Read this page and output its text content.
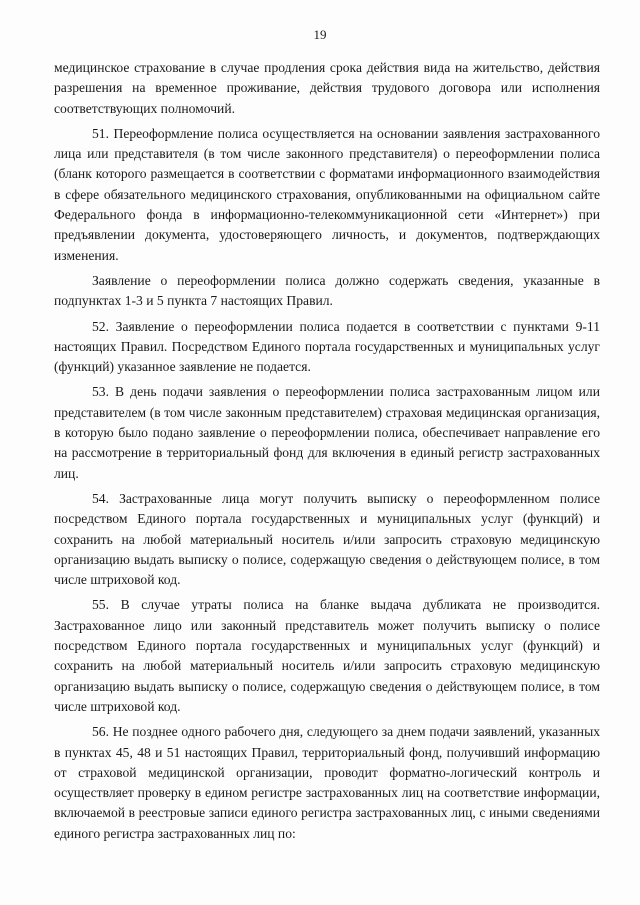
19

медицинское страхование в случае продления срока действия вида на жительство, действия разрешения на временное проживание, действия трудового договора или исполнения соответствующих полномочий.

51. Переоформление полиса осуществляется на основании заявления застрахованного лица или представителя (в том числе законного представителя) о переоформлении полиса (бланк которого размещается в соответствии с форматами информационного взаимодействия в сфере обязательного медицинского страхования, опубликованными на официальном сайте Федерального фонда в информационно-телекоммуникационной сети «Интернет») при предъявлении документа, удостоверяющего личность, и документов, подтверждающих изменения.

Заявление о переоформлении полиса должно содержать сведения, указанные в подпунктах 1-3 и 5 пункта 7 настоящих Правил.

52. Заявление о переоформлении полиса подается в соответствии с пунктами 9-11 настоящих Правил. Посредством Единого портала государственных и муниципальных услуг (функций) указанное заявление не подается.

53. В день подачи заявления о переоформлении полиса застрахованным лицом или представителем (в том числе законным представителем) страховая медицинская организация, в которую было подано заявление о переоформлении полиса, обеспечивает направление его на рассмотрение в территориальный фонд для включения в единый регистр застрахованных лиц.

54. Застрахованные лица могут получить выписку о переоформленном полисе посредством Единого портала государственных и муниципальных услуг (функций) и сохранить на любой материальный носитель и/или запросить страховую медицинскую организацию выдать выписку о полисе, содержащую сведения о действующем полисе, в том числе штриховой код.

55. В случае утраты полиса на бланке выдача дубликата не производится. Застрахованное лицо или законный представитель может получить выписку о полисе посредством Единого портала государственных и муниципальных услуг (функций) и сохранить на любой материальный носитель и/или запросить страховую медицинскую организацию выдать выписку о полисе, содержащую сведения о действующем полисе, в том числе штриховой код.

56. Не позднее одного рабочего дня, следующего за днем подачи заявлений, указанных в пунктах 45, 48 и 51 настоящих Правил, территориальный фонд, получивший информацию от страховой медицинской организации, проводит форматно-логический контроль и осуществляет проверку в едином регистре застрахованных лиц на соответствие информации, включаемой в реестровые записи единого регистра застрахованных лиц, с иными сведениями единого регистра застрахованных лиц по:
